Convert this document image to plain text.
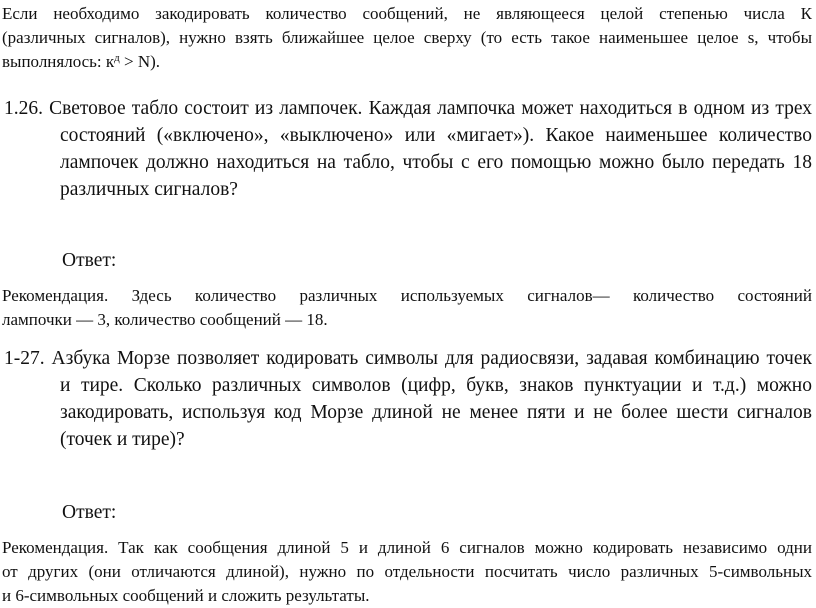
Если необходимо закодировать количество сообщений, не являющееся целой степенью числа К
(различных сигналов), нужно взять ближайшее целое сверху (то есть такое наименьшее целое s, чтобы
выполнялось: $к^д > N$).
1.26. Световое табло состоит из лампочек. Каждая лампочка может находиться в одном из трех
состояний («включено», «выключено» или «мигает»). Какое наименьшее количество
лампочек должно находиться на табло, чтобы с его помощью можно было передать 18
различных сигналов?
Ответ:
Рекомендация. Здесь количество различных используемых сигналов— количество состояний
лампочки — 3, количество сообщений — 18.
1-27. Азбука Морзе позволяет кодировать символы для радиосвязи, задавая комбинацию точек
и тире. Сколько различных символов (цифр, букв, знаков пунктуации и т.д.) можно
закодировать, используя код Морзе длиной не менее пяти и не более шести сигналов
(точек и тире)?
Ответ:
Рекомендация. Так как сообщения длиной 5 и длиной 6 сигналов можно кодировать независимо одни
от других (они отличаются длиной), нужно по отдельности посчитать число различных 5-символьных
и 6-символьных сообщений и сложить результаты.
